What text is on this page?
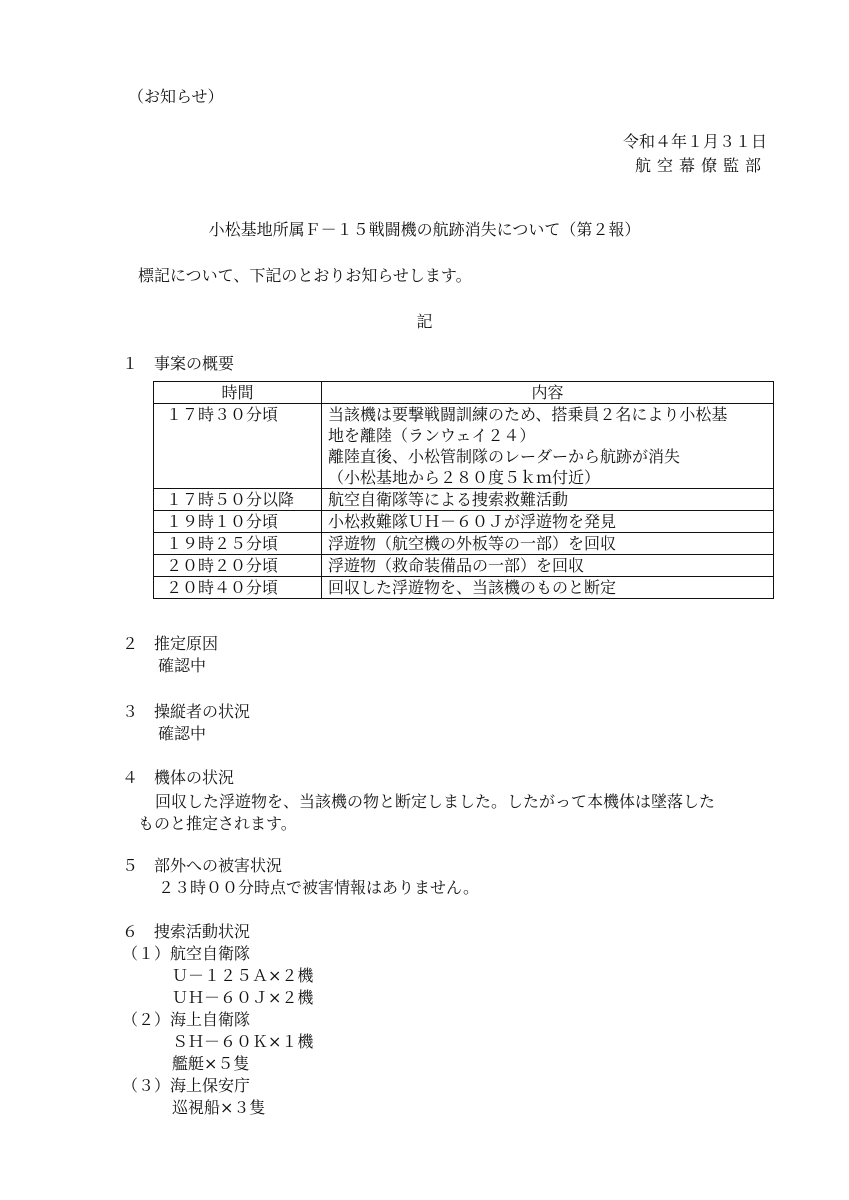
（お知らせ）
令和４年１月３１日
航空幕僚監部
小松基地所属Ｆ－１５戦闘機の航跡消失について（第２報）
標記について、下記のとおりお知らせします。
記
１　事案の概要
時間	内容
１７時３０分頃	当該機は要撃戦闘訓練のため、搭乗員２名により小松基
地を離陸（ランウェイ２４）
離陸直後、小松管制隊のレーダーから航跡が消失
（小松基地から２８０度５ｋｍ付近）

１７時５０分以降	航空自衛隊等による捜索救難活動
１９時１０分頃	小松救難隊ＵＨ－６０Ｊが浮遊物を発見
１９時２５分頃	浮遊物（航空機の外板等の一部）を回収
２０時２０分頃	浮遊物（救命装備品の一部）を回収
２０時４０分頃	回収した浮遊物を、当該機のものと断定
２　推定原因
確認中
３　操縦者の状況
確認中
４　機体の状況
回収した浮遊物を、当該機の物と断定しました。したがって本機体は墜落した
ものと推定されます。
５　部外への被害状況
２３時００分時点で被害情報はありません。
６　捜索活動状況
（１）航空自衛隊
Ｕ－１２５Ａ×２機
ＵＨ－６０Ｊ×２機
（２）海上自衛隊
ＳＨ－６０Ｋ×１機
艦艇×５隻
（３）海上保安庁
巡視船×３隻
